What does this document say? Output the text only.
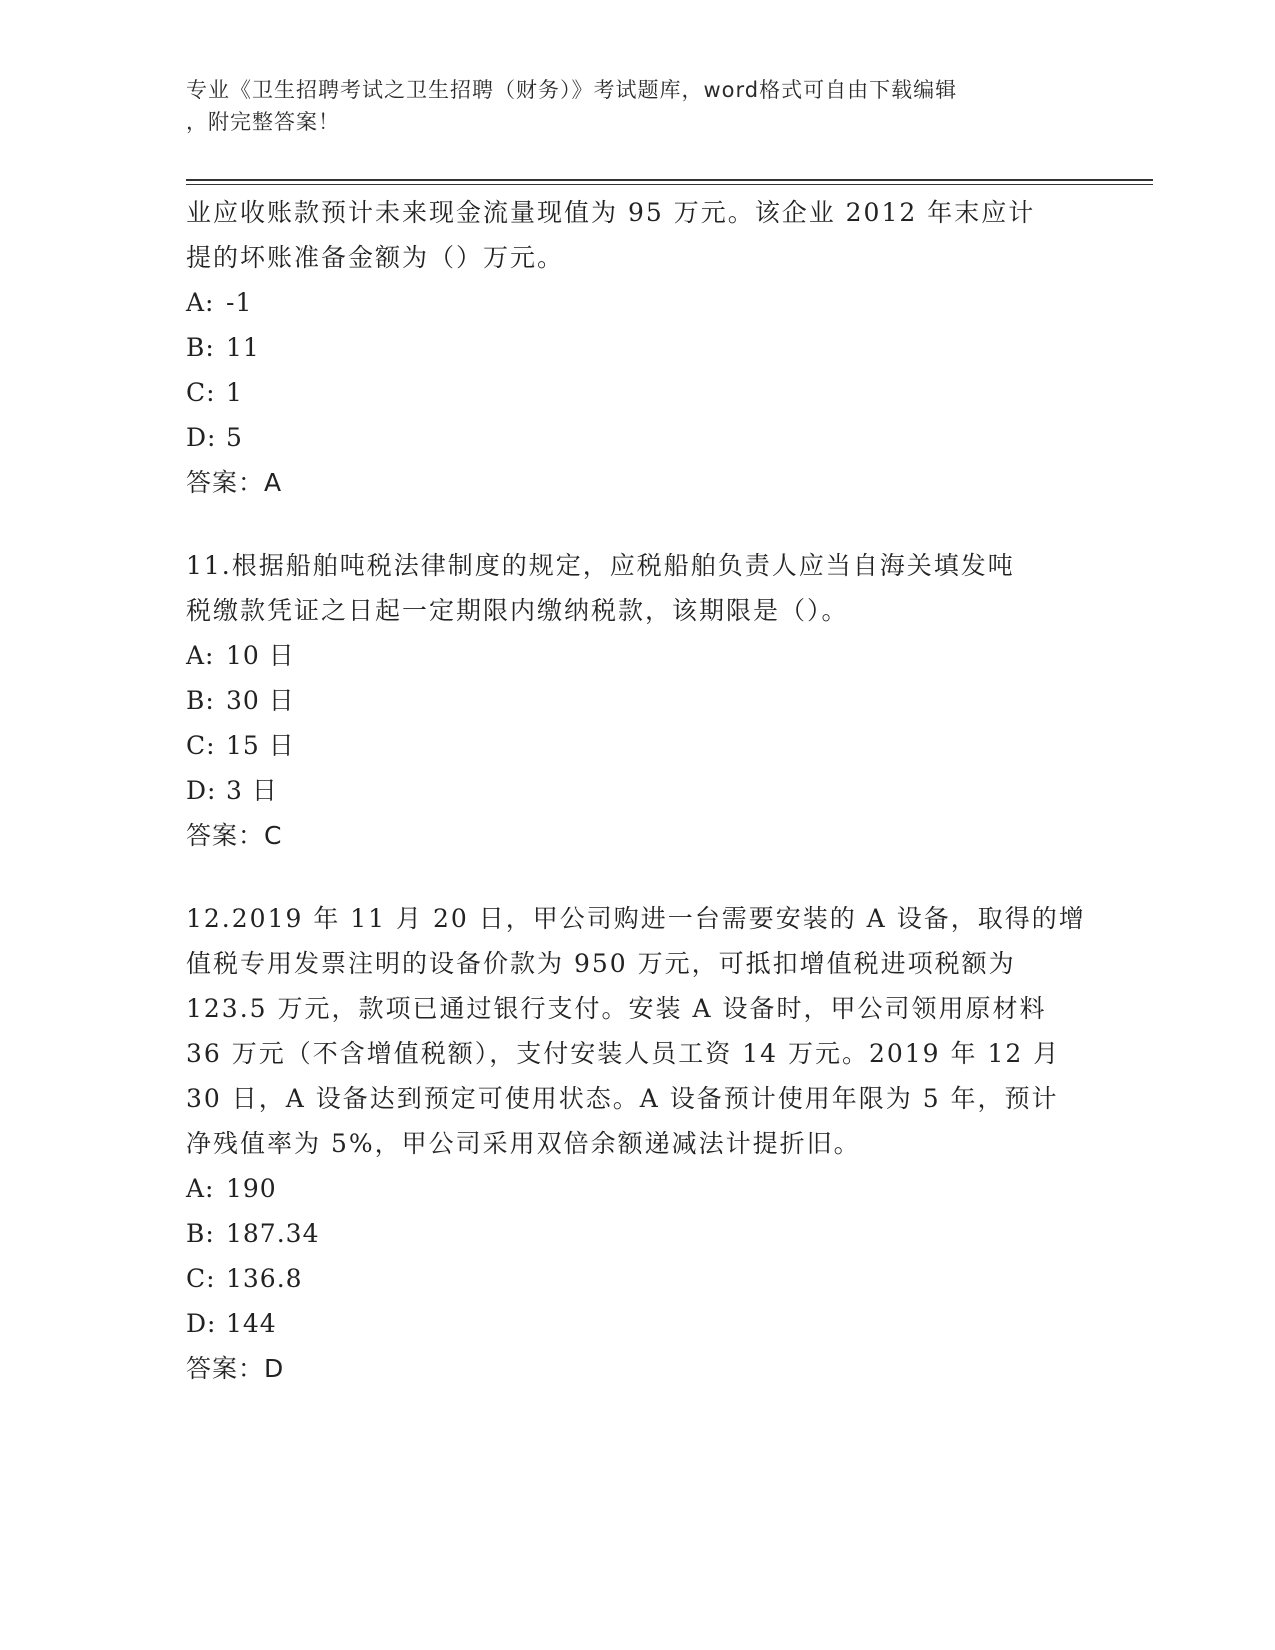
专业《卫生招聘考试之卫生招聘（财务）》考试题库，word格式可自由下载编辑
，附完整答案！

业应收账款预计未来现金流量现值为 95 万元。该企业 2012 年末应计

提的坏账准备金额为（）万元。

A: -1
B: 11
C: 1
D: 5

答案：A

11.根据船舶吨税法律制度的规定，应税船舶负责人应当自海关填发吨

税缴款凭证之日起一定期限内缴纳税款，该期限是（）。

A: 10 日
B: 30 日
C: 15 日
D: 3 日

答案：C

12.2019 年 11 月 20 日，甲公司购进一台需要安装的 A 设备，取得的增

值税专用发票注明的设备价款为 950 万元，可抵扣增值税进项税额为

123.5 万元，款项已通过银行支付。安装 A 设备时，甲公司领用原材料

36 万元（不含增值税额），支付安装人员工资 14 万元。2019 年 12 月

30 日，A 设备达到预定可使用状态。A 设备预计使用年限为 5 年，预计

净残值率为 5%，甲公司采用双倍余额递减法计提折旧。

A: 190
B: 187.34
C: 136.8
D: 144

答案：D
